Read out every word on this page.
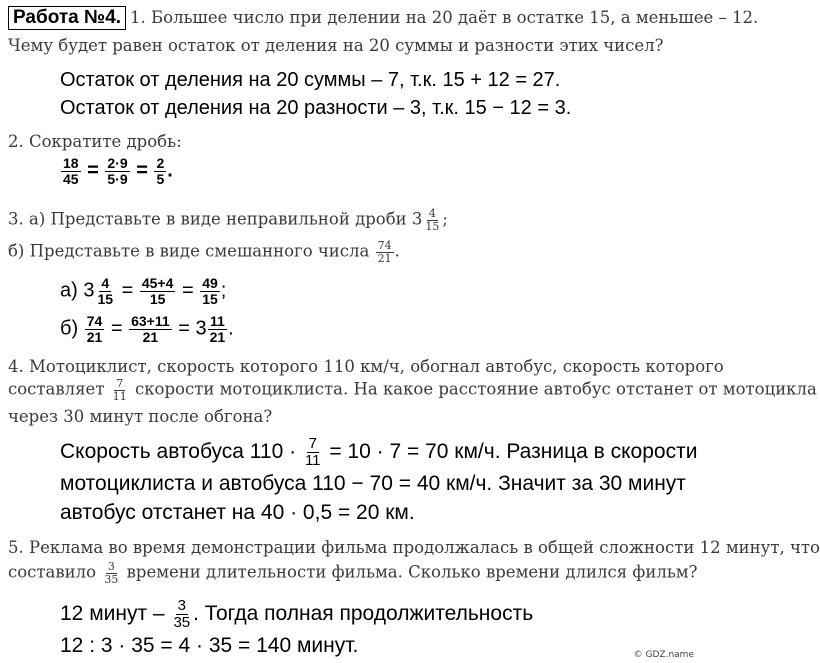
Работа №4. 1. Большее число при делении на 20 даёт в остатке 15, а меньшее – 12.
Чему будет равен остаток от деления на 20 суммы и разности этих чисел?
Остаток от деления на 20 суммы – 7, т.к. 15 + 12 = 27.
Остаток от деления на 20 разности – 3, т.к. 15 − 12 = 3.
2. Сократите дробь:
$\frac{18}{45} = \frac{2\cdot 9}{5\cdot 9} = \frac{2}{5}$ .
3. а) Представьте в виде неправильной дроби $3 \frac{4}{15}$ ;
б) Представьте в виде смешанного числа $\frac{74}{21}$ .
а) $3 \frac{4}{15} = \frac{45+4}{15} = \frac{49}{15}$ ;
$б) \frac{74}{21} = \frac{63+11}{21} = 3 \frac{11}{21}$ .
4. Мотоциклист, скорость которого 110 км/ч, обогнал автобус, скорость которого
составляет $\frac{7}{11}$ скорости мотоциклиста. На какое расстояние автобус отстанет от мотоцикла
через 30 минут после обгона?
Скорость автобуса $110 \cdot \frac{7}{11} = 10 \cdot 7 = 70$ км/ч. Разница в скорости
мотоциклиста и автобуса 110 − 70 = 40 км/ч. Значит за 30 минут
автобус отстанет на 40 · 0,5 = 20 км.
5. Реклама во время демонстрации фильма продолжалась в общей сложности 12 минут, что
составило $\frac{3}{35}$ времени длительности фильма. Сколько времени длился фильм?
12 минут – $\frac{3}{35}$ . Тогда полная продолжительность
12 : 3 · 35 = 4 · 35 = 140 минут.	© GDZ.name
